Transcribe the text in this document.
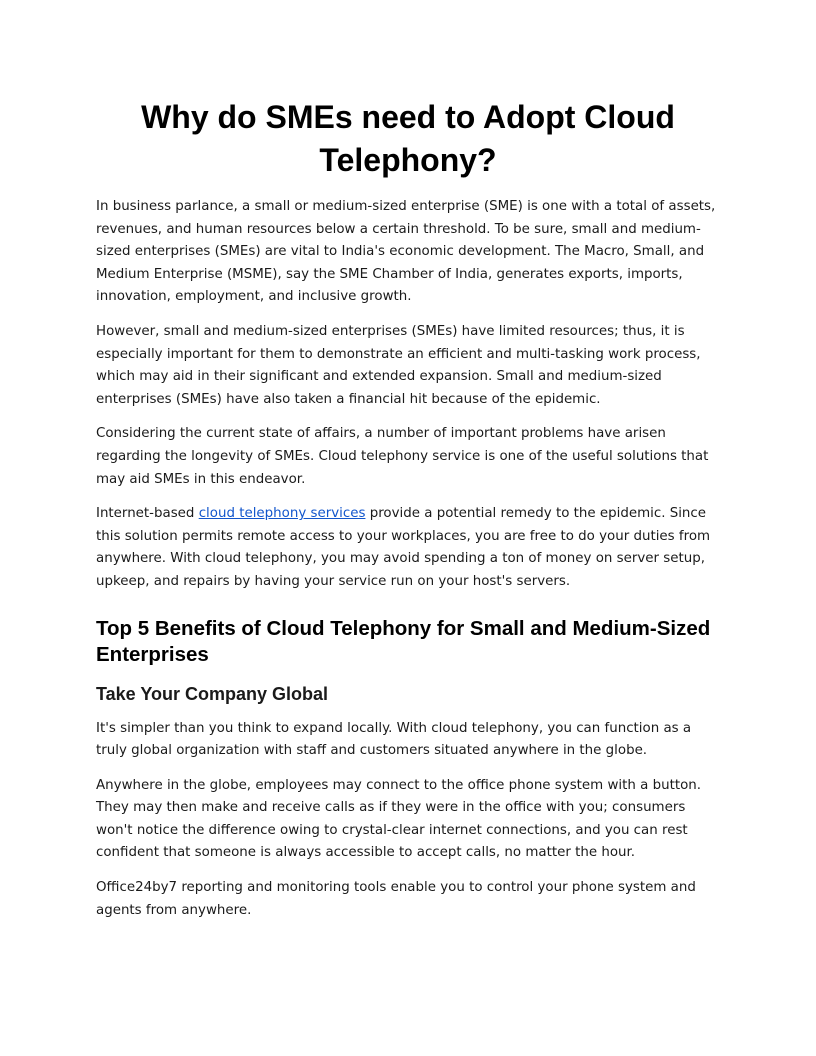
Why do SMEs need to Adopt Cloud Telephony?

In business parlance, a small or medium-sized enterprise (SME) is one with a total of assets, revenues, and human resources below a certain threshold. To be sure, small and medium-sized enterprises (SMEs) are vital to India's economic development. The Macro, Small, and Medium Enterprise (MSME), say the SME Chamber of India, generates exports, imports, innovation, employment, and inclusive growth.

However, small and medium-sized enterprises (SMEs) have limited resources; thus, it is especially important for them to demonstrate an efficient and multi-tasking work process, which may aid in their significant and extended expansion. Small and medium-sized enterprises (SMEs) have also taken a financial hit because of the epidemic.

Considering the current state of affairs, a number of important problems have arisen regarding the longevity of SMEs. Cloud telephony service is one of the useful solutions that may aid SMEs in this endeavor.

Internet-based cloud telephony services provide a potential remedy to the epidemic. Since this solution permits remote access to your workplaces, you are free to do your duties from anywhere. With cloud telephony, you may avoid spending a ton of money on server setup, upkeep, and repairs by having your service run on your host's servers.

Top 5 Benefits of Cloud Telephony for Small and Medium-Sized Enterprises
Take Your Company Global

It's simpler than you think to expand locally. With cloud telephony, you can function as a truly global organization with staff and customers situated anywhere in the globe.

Anywhere in the globe, employees may connect to the office phone system with a button. They may then make and receive calls as if they were in the office with you; consumers won't notice the difference owing to crystal-clear internet connections, and you can rest confident that someone is always accessible to accept calls, no matter the hour.

Office24by7 reporting and monitoring tools enable you to control your phone system and agents from anywhere.
